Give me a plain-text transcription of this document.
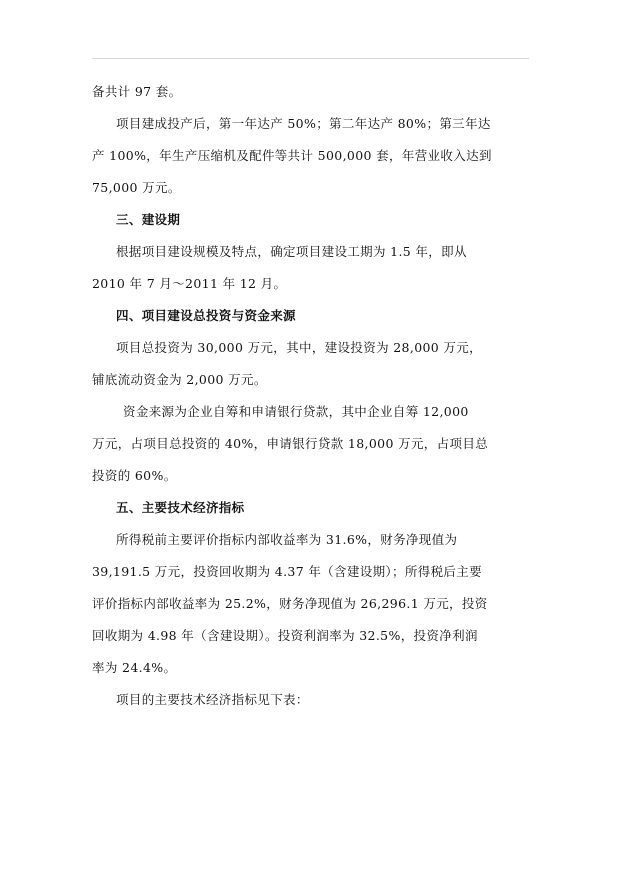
备共计 97 套。
项目建成投产后，第一年达产 50%；第二年达产 80%；第三年达
产 100%，年生产压缩机及配件等共计 500,000 套，年营业收入达到
75,000 万元。
三、建设期
根据项目建设规模及特点，确定项目建设工期为 1.5 年，即从
2010 年 7 月～2011 年 12 月。
四、项目建设总投资与资金来源
项目总投资为 30,000 万元，其中，建设投资为 28,000 万元，
铺底流动资金为 2,000 万元。
资金来源为企业自筹和申请银行贷款，其中企业自筹 12,000
万元，占项目总投资的 40%，申请银行贷款 18,000 万元，占项目总
投资的 60%。
五、主要技术经济指标
所得税前主要评价指标内部收益率为 31.6%，财务净现值为
39,191.5 万元，投资回收期为 4.37 年（含建设期）；所得税后主要
评价指标内部收益率为 25.2%，财务净现值为 26,296.1 万元，投资
回收期为 4.98 年（含建设期）。投资利润率为 32.5%，投资净利润
率为 24.4%。
项目的主要技术经济指标见下表：
